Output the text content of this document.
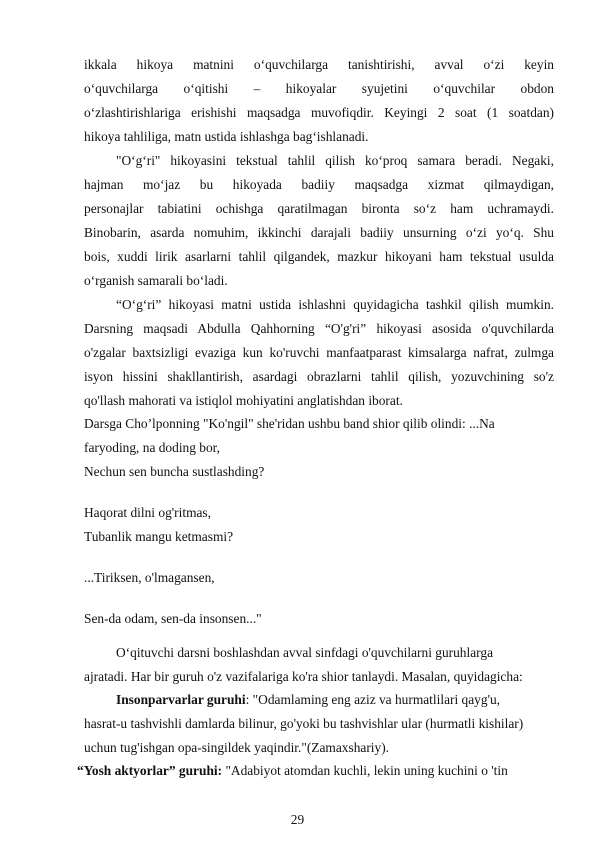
ikkala hikoya matnini o‘quvchilarga tanishtirishi, avval o‘zi keyin
o‘quvchilarga o‘qitishi – hikoyalar syujetini o‘quvchilar obdon
o‘zlashtirishlariga erishishi maqsadga muvofiqdir. Keyingi 2 soat (1 soatdan)
hikoya tahliliga, matn ustida ishlashga bag‘ishlanadi.
"O‘g‘ri" hikoyasini tekstual tahlil qilish ko‘proq samara beradi. Negaki,
hajman mo‘jaz bu hikoyada badiiy maqsadga xizmat qilmaydigan,
personajlar tabiatini ochishga qaratilmagan bironta so‘z ham uchramaydi.
Binobarin, asarda nomuhim, ikkinchi darajali badiiy unsurning o‘zi yo‘q. Shu
bois, xuddi lirik asarlarni tahlil qilgandek, mazkur hikoyani ham tekstual usulda
o‘rganish samarali bo‘ladi.
“O‘g‘ri” hikoyasi matni ustida ishlashni quyidagicha tashkil qilish mumkin.
Darsning maqsadi Abdulla Qahhorning “O'g'ri” hikoyasi asosida o'quvchilarda
o'zgalar baxtsizligi evaziga kun ko'ruvchi manfaatparast kimsalarga nafrat, zulmga
isyon hissini shakllantirish, asardagi obrazlarni tahlil qilish, yozuvchining so'z
qo'llash mahorati va istiqlol mohiyatini anglatishdan iborat.
Darsga Cho’lponning "Ko'ngil" she'ridan ushbu band shior qilib olindi: ...Na
faryoding, na doding bor,
Nechun sen buncha sustlashding?
Haqorat dilni og'ritmas,
Tubanlik mangu ketmasmi?
...Tiriksen, o'lmagansen,
Sen-da odam, sen-da insonsen..."
O‘qituvchi darsni boshlashdan avval sinfdagi o'quvchilarni guruhlarga
ajratadi. Har bir guruh o'z vazifalariga ko'ra shior tanlaydi. Masalan, quyidagicha:
Insonparvarlar guruhi: "Odamlaming eng aziz va hurmatlilari qayg'u,
hasrat-u tashvishli damlarda bilinur, go'yoki bu tashvishlar ular (hurmatli kishilar)
uchun tug'ishgan opa-singildek yaqindir."(Zamaxshariy).
“Yosh aktyorlar” guruhi: "Adabiyot atomdan kuchli, lekin uning kuchini o 'tin
29
